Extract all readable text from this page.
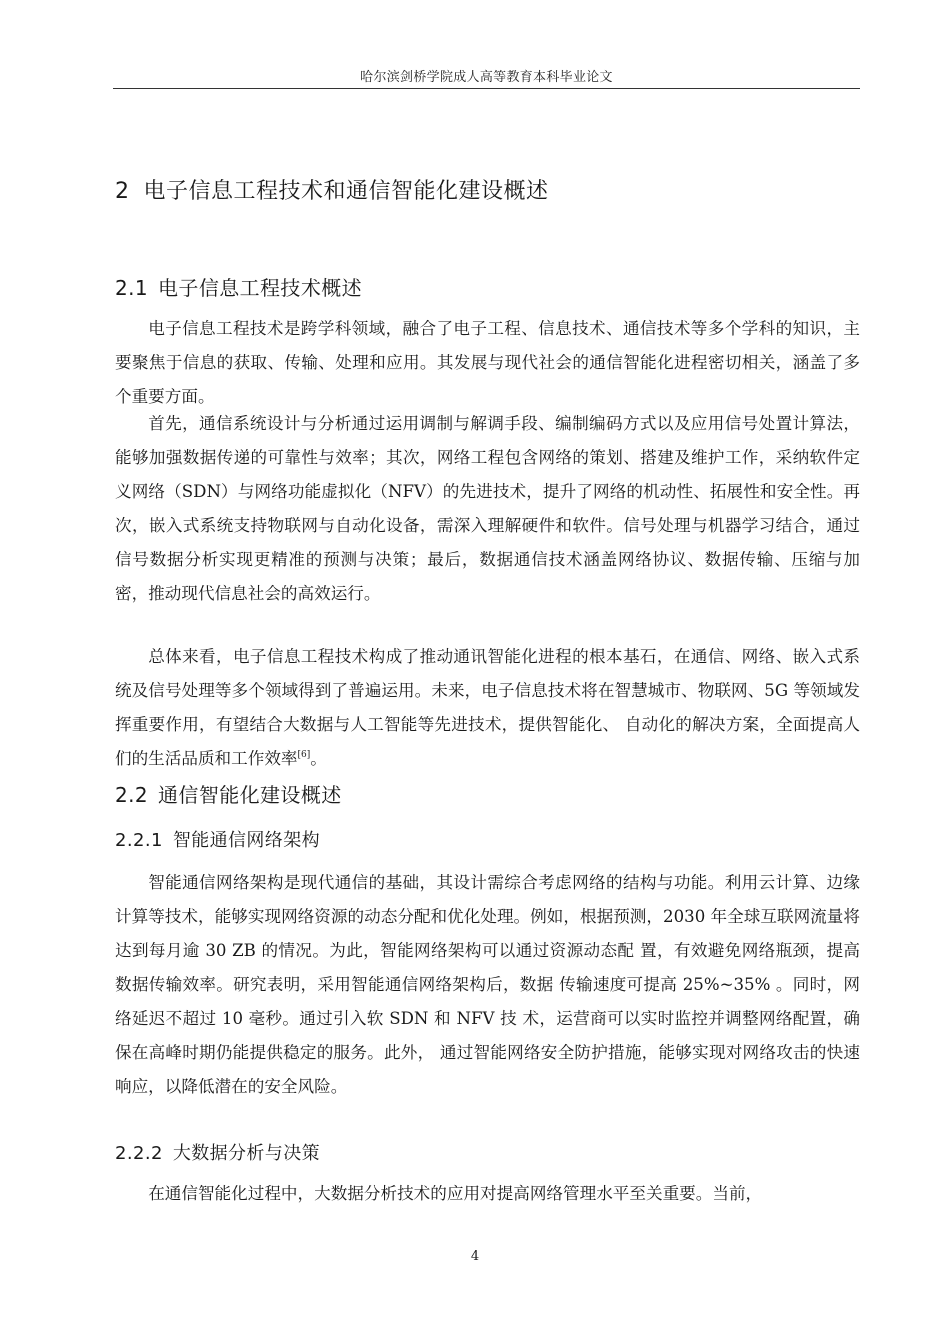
哈尔滨剑桥学院成人高等教育本科毕业论文
2 电子信息工程技术和通信智能化建设概述
2.1 电子信息工程技术概述

电子信息工程技术是跨学科领域，融合了电子工程、信息技术、通信技术等多个学科的知识，主要聚焦于信息的获取、传输、处理和应用。其发展与现代社会的通信智能化进程密切相关，涵盖了多个重要方面。

首先，通信系统设计与分析通过运用调制与解调手段、编制编码方式以及应用信号处置计算法，能够加强数据传递的可靠性与效率；其次，网络工程包含网络的策划、搭建及维护工作，采纳软件定义网络（SDN）与网络功能虚拟化（NFV）的先进技术，提升了网络的机动性、拓展性和安全性。再次，嵌入式系统支持物联网与自动化设备，需深入理解硬件和软件。信号处理与机器学习结合，通过信号数据分析实现更精准的预测与决策；最后，数据通信技术涵盖网络协议、数据传输、压缩与加密，推动现代信息社会的高效运行。

总体来看，电子信息工程技术构成了推动通讯智能化进程的根本基石，在通信、网络、嵌入式系统及信号处理等多个领域得到了普遍运用。未来，电子信息技术将在智慧城市、物联网、5G 等领域发挥重要作用，有望结合大数据与人工智能等先进技术，提供智能化、 自动化的解决方案，全面提高人们的生活品质和工作效率[6]。

2.2 通信智能化建设概述
2.2.1 智能通信网络架构

智能通信网络架构是现代通信的基础，其设计需综合考虑网络的结构与功能。利用云计算、边缘计算等技术，能够实现网络资源的动态分配和优化处理。例如，根据预测，2030 年全球互联网流量将达到每月逾 30 ZB 的情况。为此，智能网络架构可以通过资源动态配 置，有效避免网络瓶颈，提高数据传输效率。研究表明，采用智能通信网络架构后，数据 传输速度可提高 25%~35% 。同时，网络延迟不超过 10 毫秒。通过引入软 SDN 和 NFV 技 术，运营商可以实时监控并调整网络配置，确保在高峰时期仍能提供稳定的服务。此外， 通过智能网络安全防护措施，能够实现对网络攻击的快速响应，以降低潜在的安全风险。

2.2.2 大数据分析与决策

在通信智能化过程中，大数据分析技术的应用对提高网络管理水平至关重要。当前，

4
